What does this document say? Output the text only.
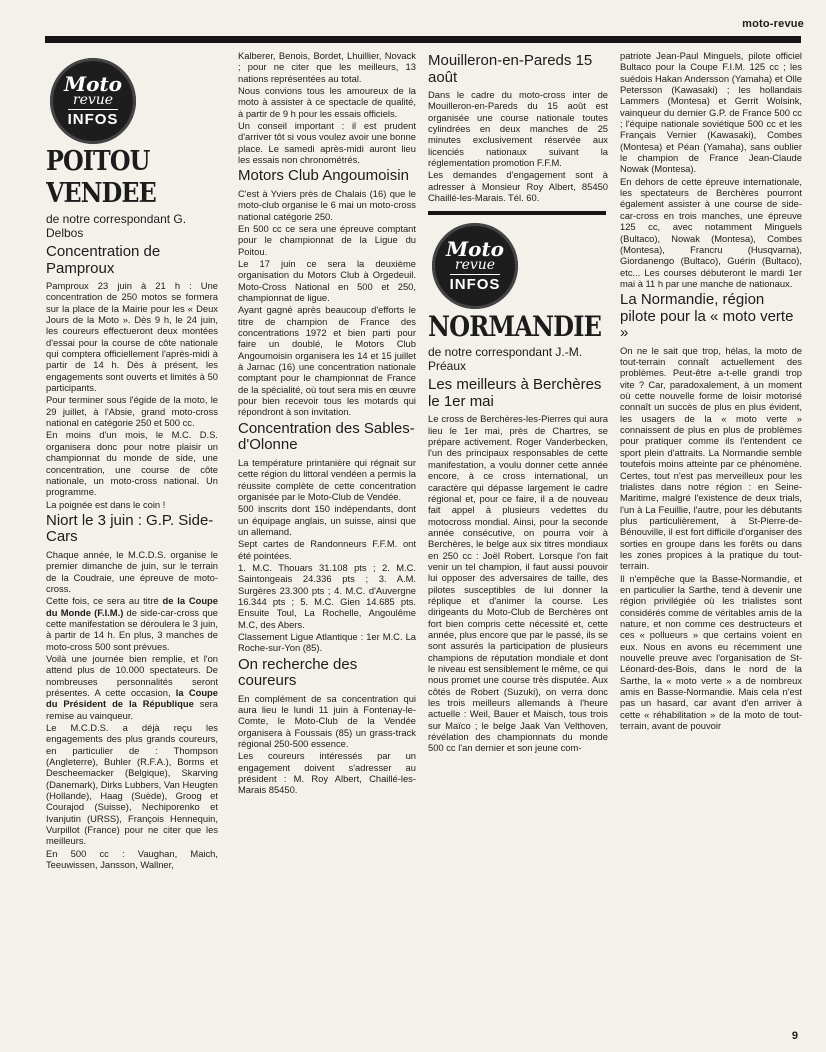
moto-revue
Moto
revue
INFOS
POITOU
VENDEE
de notre correspondant G. Delbos
Concentration de Pamproux

Pamproux 23 juin à 21 h : Une concentration de 250 motos se formera sur la place de la Mairie pour les « Deux Jours de la Moto ». Dès 9 h, le 24 juin, les coureurs effectueront deux montées d'essai pour la course de côte nationale qui comptera officiellement l'après-midi à partir de 14 h. Dès à présent, les engagements sont ouverts et limités à 50 participants.

Pour terminer sous l'égide de la moto, le 29 juillet, à l'Absie, grand moto-cross national en catégorie 250 et 500 cc.

En moins d'un mois, le M.C. D.S. organisera donc pour notre plaisir un championnat du monde de side, une concentration, une course de côte nationale, un moto-cross national. Un programme.

La poignée est dans le coin !

Niort le 3 juin : G.P. Side-Cars

Chaque année, le M.C.D.S. organise le premier dimanche de juin, sur le terrain de la Coudraie, une épreuve de moto-cross.

Cette fois, ce sera au titre de la Coupe du Monde (F.I.M.) de side-car-cross que cette manifestation se déroulera le 3 juin, à partir de 14 h. En plus, 3 manches de moto-cross 500 sont prévues.

Voilà une journée bien remplie, et l'on attend plus de 10.000 spectateurs. De nombreuses personnalités seront présentes. A cette occasion, la Coupe du Président de la République sera remise au vainqueur.

Le M.C.D.S. a déjà reçu les engagements des plus grands coureurs, en particulier de : Thompson (Angleterre), Buhler (R.F.A.), Borms et Descheemacker (Belgique), Skarving (Danemark), Dirks Lubbers, Van Heugten (Hollande), Haag (Suède), Groog et Courajod (Suisse), Nechiporenko et Ivanjutin (URSS), François Hennequin, Vurpillot (France) pour ne citer que les meilleurs.

En 500 cc : Vaughan, Maich, Teeuwissen, Jansson, Wallner,

Kalberer, Benois, Bordet, Lhuillier, Novack ; pour ne citer que les meilleurs, 13 nations représentées au total.

Nous convions tous les amoureux de la moto à assister à ce spectacle de qualité, à partir de 9 h pour les essais officiels.

Un conseil important : il est prudent d'arriver tôt si vous voulez avoir une bonne place. Le samedi après-midi auront lieu les essais non chronométrés.

Motors Club Angoumoisin

C'est à Yviers près de Chalais (16) que le moto-club organise le 6 mai un moto-cross national catégorie 250.

En 500 cc ce sera une épreuve comptant pour le championnat de la Ligue du Poitou.

Le 17 juin ce sera la deuxième organisation du Motors Club à Orgedeuil. Moto-Cross National en 500 et 250, championnat de ligue.

Ayant gagné après beaucoup d'efforts le titre de champion de France des concentrations 1972 et bien parti pour faire un doublé, le Motors Club Angoumoisin organisera les 14 et 15 juillet à Jarnac (16) une concentration nationale comptant pour le championnat de France de la spécialité, où tout sera mis en œuvre pour bien recevoir tous les motards qui répondront à son invitation.

Concentration des Sables-d'Olonne

La température printanière qui régnait sur cette région du littoral vendéen a permis la réussite complète de cette concentration organisée par le Moto-Club de Vendée.

500 inscrits dont 150 indépendants, dont un équipage anglais, un suisse, ainsi que un allemand.

Sept cartes de Randonneurs F.F.M. ont été pointées.

1. M.C. Thouars 31.108 pts ; 2. M.C. Saintongeais 24.336 pts ; 3. A.M. Surgères 23.300 pts ; 4. M.C. d'Auvergne 16.344 pts ; 5. M.C. Gien 14.685 pts. Ensuite Toul, La Rochelle, Angoulême M.C, des Abers.

Classement Ligue Atlantique : 1er M.C. La Roche-sur-Yon (85).

On recherche des coureurs

En complément de sa concentration qui aura lieu le lundi 11 juin à Fontenay-le-Comte, le Moto-Club de la Vendée organisera à Foussais (85) un grass-track régional 250-500 essence.

Les coureurs intéressés par un engagement doivent s'adresser au président : M. Roy Albert, Chaillé-les-Marais 85450.

Mouilleron-en-Pareds 15 août

Dans le cadre du moto-cross inter de Mouilleron-en-Pareds du 15 août est organisée une course nationale toutes cylindrées en deux manches de 25 minutes exclusivement réservée aux licenciés nationaux suivant la réglementation promotion F.F.M.

Les demandes d'engagement sont à adresser à Monsieur Roy Albert, 85450 Chaillé-les-Marais. Tél. 60.

Moto
revue
INFOS
NORMANDIE
de notre correspondant J.-M. Préaux
Les meilleurs à Berchères le 1er mai

Le cross de Berchères-les-Pierres qui aura lieu le 1er mai, près de Chartres, se prépare activement. Roger Vanderbecken, l'un des principaux responsables de cette manifestation, a voulu donner cette année encore, à ce cross international, un caractère qui dépasse largement le cadre régional et, pour ce faire, il a de nouveau fait appel à plusieurs vedettes du motocross mondial. Ainsi, pour la seconde année consécutive, on pourra voir à Berchères, le belge aux six titres mondiaux en 250 cc : Joël Robert. Lorsque l'on fait venir un tel champion, il faut aussi pouvoir lui opposer des adversaires de taille, des pilotes susceptibles de lui donner la réplique et d'animer la course. Les dirigeants du Moto-Club de Berchères ont fort bien compris cette nécessité et, cette année, plus encore que par le passé, ils se sont assurés la participation de plusieurs champions de réputation mondiale et dont le niveau est sensiblement le même, ce qui nous promet une course très disputée. Aux côtés de Robert (Suzuki), on verra donc les trois meilleurs allemands à l'heure actuelle : Weil, Bauer et Maisch, tous trois sur Maïco ; le belge Jaak Van Velthoven, révélation des championnats du monde 500 cc l'an dernier et son jeune com-

patriote Jean-Paul Minguels, pilote officiel Bultaco pour la Coupe F.I.M. 125 cc ; les suédois Hakan Andersson (Yamaha) et Olle Petersson (Kawasaki) ; les hollandais Lammers (Montesa) et Gerrit Wolsink, vainqueur du dernier G.P. de France 500 cc ; l'équipe nationale soviétique 500 cc et les Français Vernier (Kawasaki), Combes (Montesa) et Péan (Yamaha), sans oublier le champion de France Jean-Claude Nowak (Montesa).

En dehors de cette épreuve internationale, les spectateurs de Berchères pourront également assister à une course de side-car-cross en trois manches, une épreuve 125 cc, avec notamment Minguels (Bultaco), Nowak (Montesa), Combes (Montesa), Francru (Husqvarna), Giordanengo (Bultaco), Guérin (Bultaco), etc... Les courses débuteront le mardi 1er mai à 11 h par une manche de nationaux.

La Normandie, région pilote pour la « moto verte »

On ne le sait que trop, hélas, la moto de tout-terrain connaît actuellement des problèmes. Peut-être a-t-elle grandi trop vite ? Car, paradoxalement, à un moment où cette nouvelle forme de loisir motorisé connaît un succès de plus en plus évident, les usagers de la « moto verte » connaissent de plus en plus de problèmes pour pratiquer comme ils l'entendent ce sport plein d'attraits. La Normandie semble toutefois moins atteinte par ce phénomène. Certes, tout n'est pas merveilleux pour les trialistes dans notre région : en Seine-Maritime, malgré l'existence de deux trials, l'un à La Feuillie, l'autre, pour les débutants plus particulièrement, à St-Pierre-de-Bénouville, il est fort difficile d'organiser des sorties en groupe dans les forêts ou dans les zones propices à la pratique du tout-terrain.

Il n'empêche que la Basse-Normandie, et en particulier la Sarthe, tend à devenir une région privilégiée où les trialistes sont considérés comme de véritables amis de la nature, et non comme ces destructeurs et ces « pollueurs » que certains voient en eux. Nous en avons eu récemment une nouvelle preuve avec l'organisation de St-Léonard-des-Bois, dans le nord de la Sarthe, la « moto verte » a de nombreux amis en Basse-Normandie. Mais cela n'est pas un hasard, car avant d'en arriver à cette « réhabilitation » de la moto de tout-terrain, avant de pouvoir

9
